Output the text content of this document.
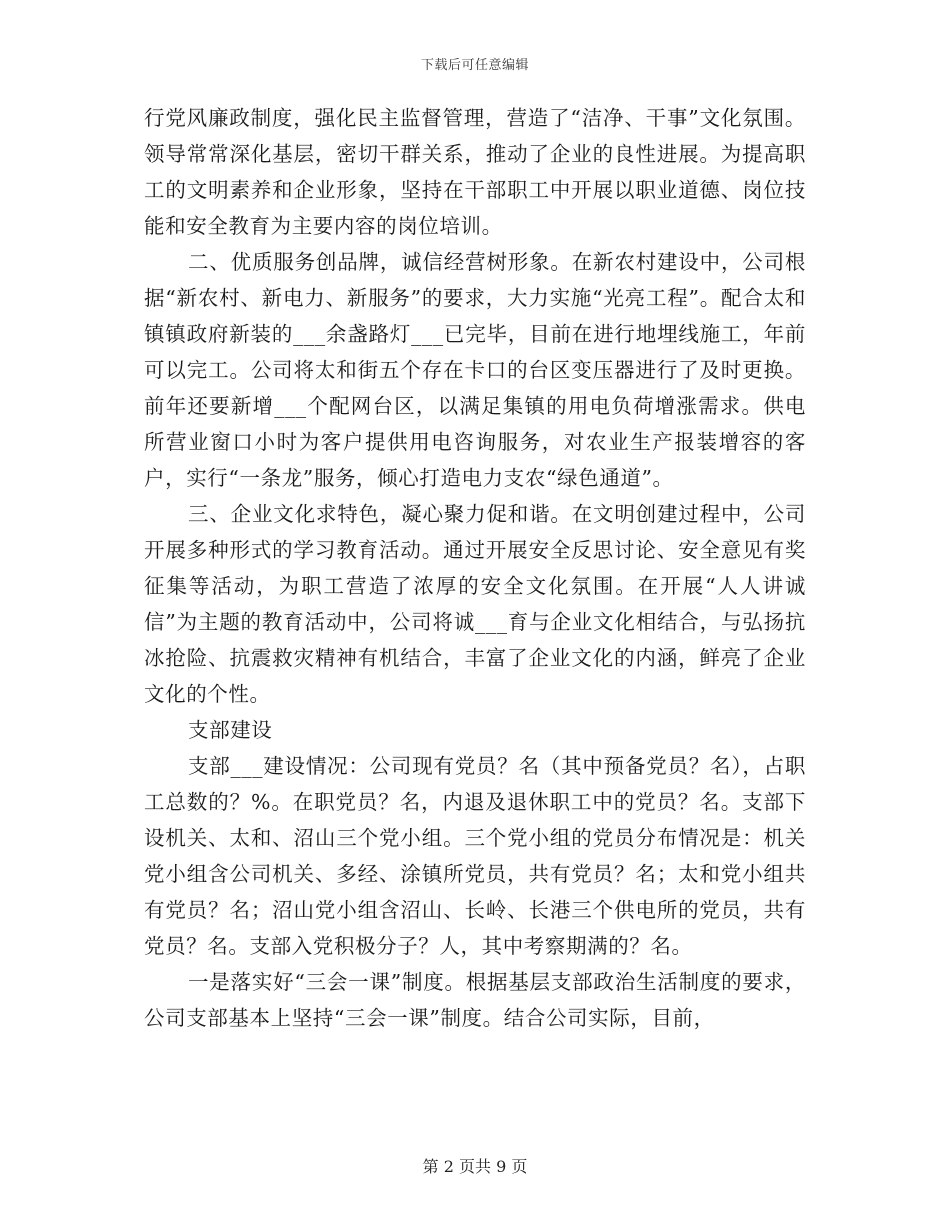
下载后可任意编辑

行党风廉政制度，强化民主监督管理，营造了“洁净、干事”文化氛围。领导常常深化基层，密切干群关系，推动了企业的良性进展。为提高职工的文明素养和企业形象，坚持在干部职工中开展以职业道德、岗位技能和安全教育为主要内容的岗位培训。

二、优质服务创品牌，诚信经营树形象。在新农村建设中，公司根据“新农村、新电力、新服务”的要求，大力实施“光亮工程”。配合太和镇镇政府新装的___余盏路灯___已完毕，目前在进行地埋线施工，年前可以完工。公司将太和街五个存在卡口的台区变压器进行了及时更换。前年还要新增___个配网台区，以满足集镇的用电负荷增涨需求。供电所营业窗口小时为客户提供用电咨询服务，对农业生产报装增容的客户，实行“一条龙”服务，倾心打造电力支农“绿色通道”。

三、企业文化求特色，凝心聚力促和谐。在文明创建过程中，公司开展多种形式的学习教育活动。通过开展安全反思讨论、安全意见有奖征集等活动，为职工营造了浓厚的安全文化氛围。在开展“人人讲诚信”为主题的教育活动中，公司将诚___育与企业文化相结合，与弘扬抗冰抢险、抗震救灾精神有机结合，丰富了企业文化的内涵，鲜亮了企业文化的个性。

支部建设

支部___建设情况：公司现有党员？名（其中预备党员？名），占职工总数的？%。在职党员？名，内退及退休职工中的党员？名。支部下设机关、太和、沼山三个党小组。三个党小组的党员分布情况是：机关党小组含公司机关、多经、涂镇所党员，共有党员？名；太和党小组共有党员？名；沼山党小组含沼山、长岭、长港三个供电所的党员，共有党员？名。支部入党积极分子？人，其中考察期满的？名。

一是落实好“三会一课”制度。根据基层支部政治生活制度的要求，公司支部基本上坚持“三会一课”制度。结合公司实际，目前，

第 2 页共 9 页
